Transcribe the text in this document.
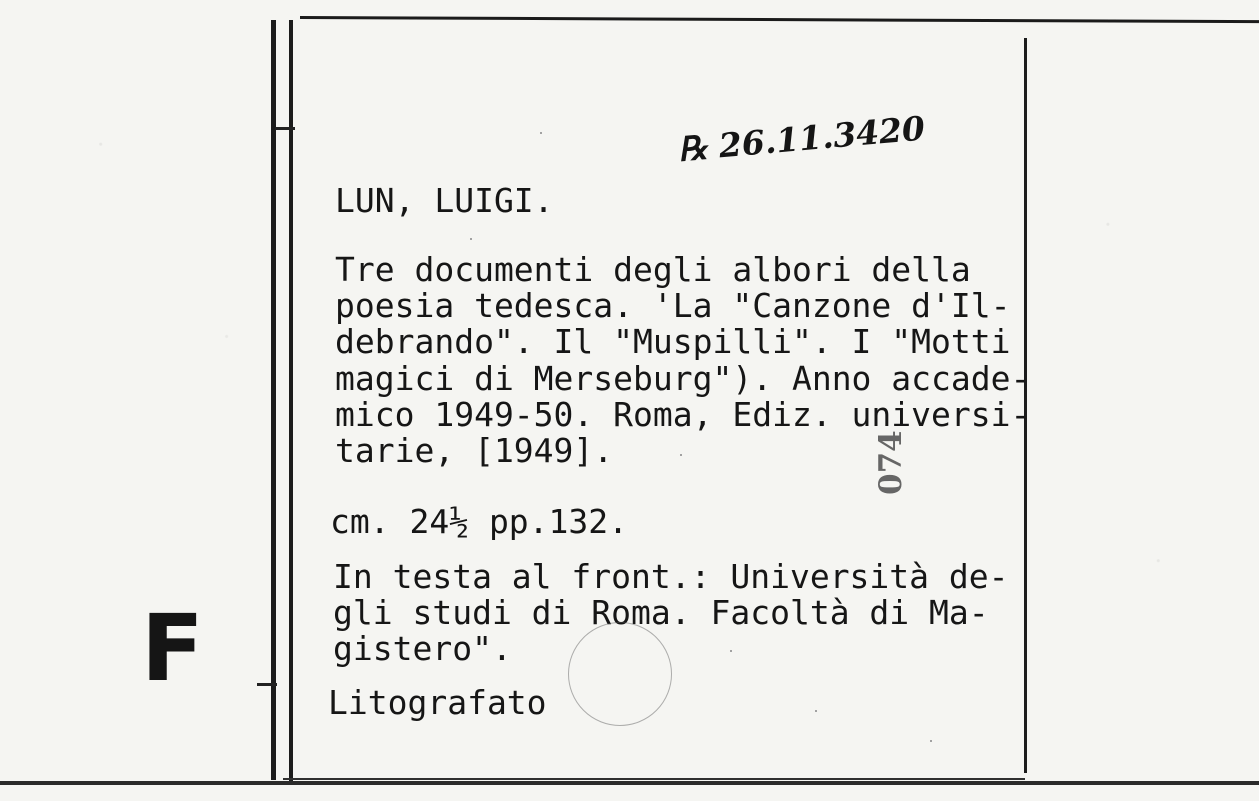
F
℞ 26.11.3420
LUN, LUIGI.
Tre documenti degli albori della
poesia tedesca. 'La "Canzone d'Il-
debrando". Il "Muspilli". I "Motti
magici di Merseburg"). Anno accade-
mico 1949-50. Roma, Ediz. universi-
tarie, [1949].
cm. 24½ pp.132.
In testa al front.: Università de-
gli studi di Roma. Facoltà di Ma-
gistero".
Litografato
074
